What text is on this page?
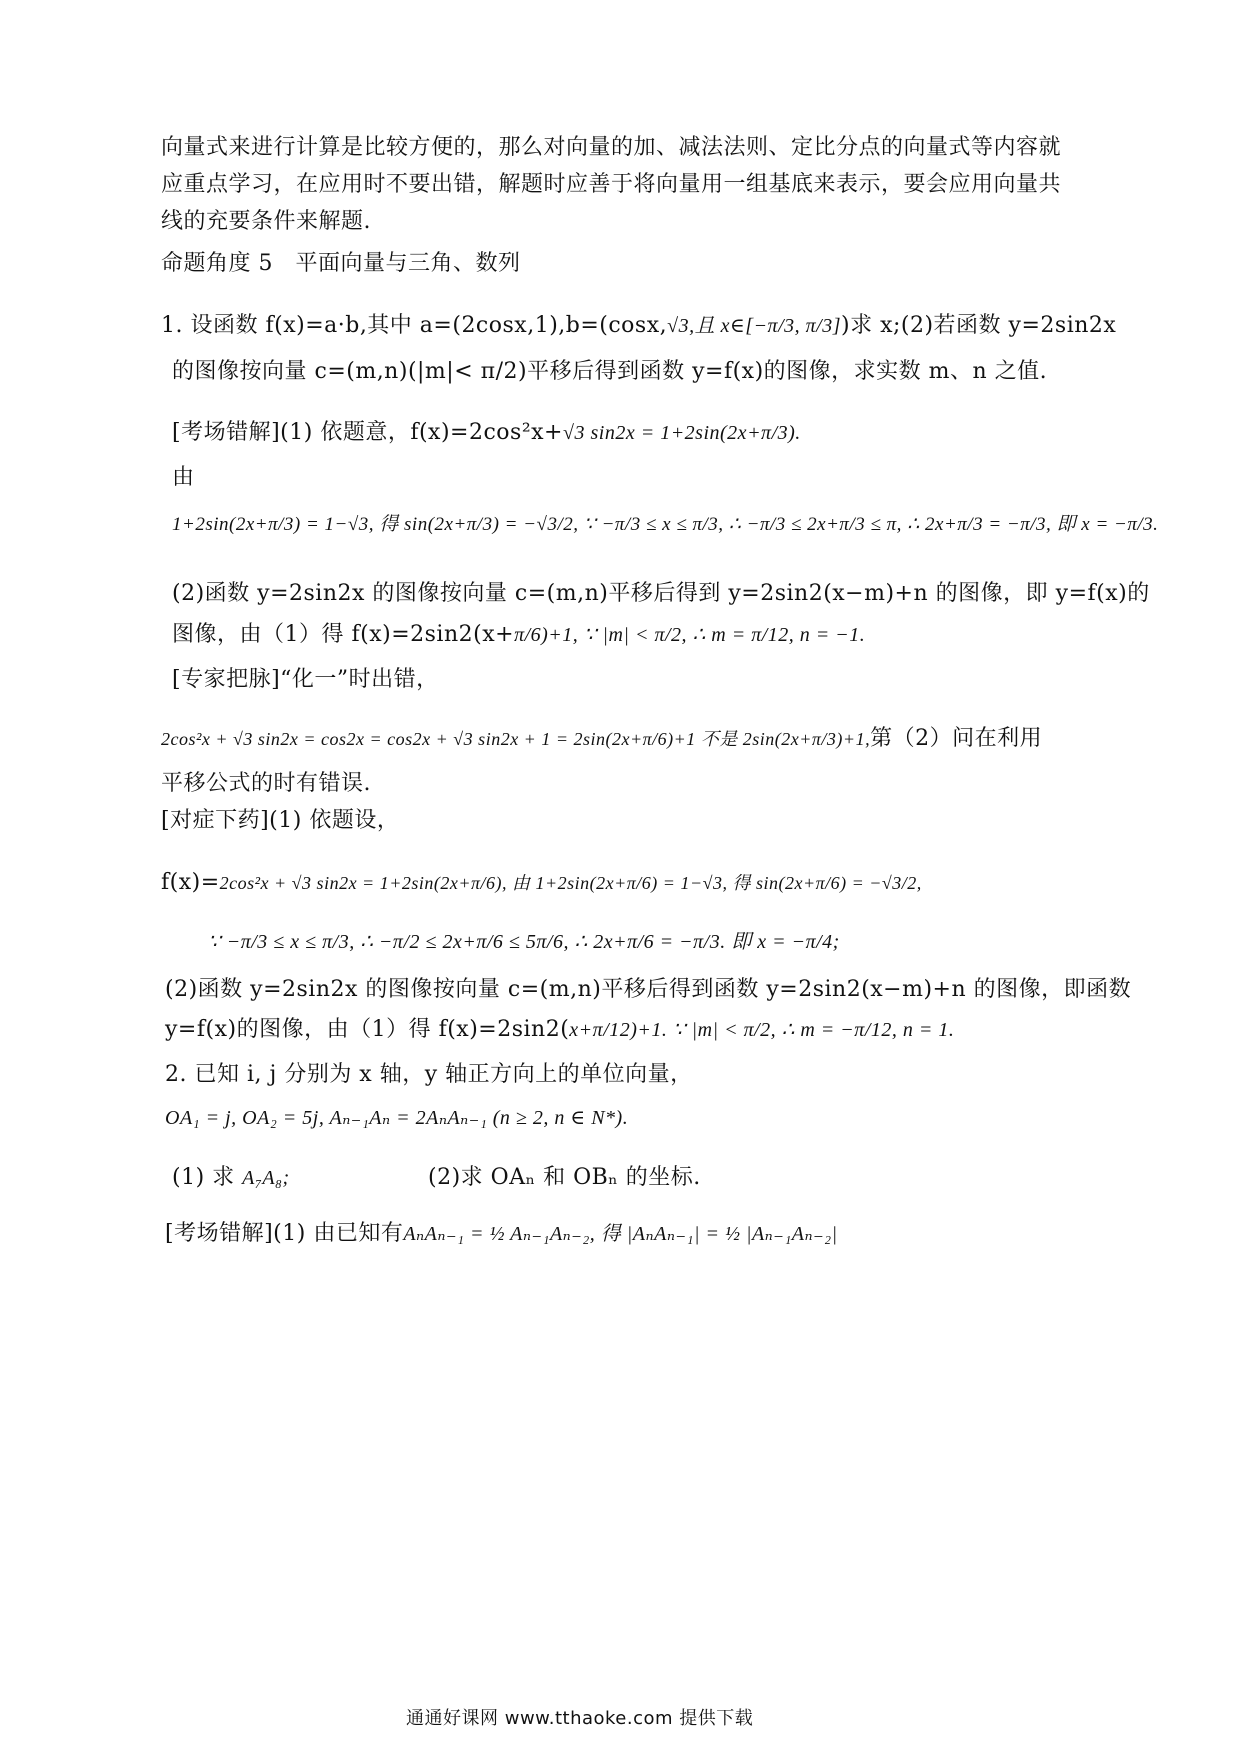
向量式来进行计算是比较方便的，那么对向量的加、减法法则、定比分点的向量式等内容就
应重点学习，在应用时不要出错，解题时应善于将向量用一组基底来表示，要会应用向量共
线的充要条件来解题.
命题角度 5　平面向量与三角、数列
1. 设函数 f(x)=a·b,其中 a=(2cosx,1),b=(cosx,√3,且 x∈[−π/3, π/3])求 x;(2)若函数 y=2sin2x
的图像按向量 c=(m,n)(|m|< π/2)平移后得到函数 y=f(x)的图像，求实数 m、n 之值.
[考场错解](1) 依题意，f(x)=2cos²x+√3 sin2x = 1+2sin(2x+π/3).
由
1+2sin(2x+π/3) = 1−√3, 得 sin(2x+π/3) = −√3/2, ∵ −π/3 ≤ x ≤ π/3, ∴ −π/3 ≤ 2x+π/3 ≤ π, ∴ 2x+π/3 = −π/3, 即 x = −π/3.
(2)函数 y=2sin2x 的图像按向量 c=(m,n)平移后得到 y=2sin2(x−m)+n 的图像，即 y=f(x)的
图像，由（1）得 f(x)=2sin2(x+π/6)+1, ∵ |m| < π/2, ∴ m = π/12, n = −1.
[专家把脉]“化一”时出错，
2cos²x + √3 sin2x = cos2x = cos2x + √3 sin2x + 1 = 2sin(2x+π/6)+1 不是 2sin(2x+π/3)+1,第（2）问在利用
平移公式的时有错误.
[对症下药](1) 依题设，
f(x)=2cos²x + √3 sin2x = 1+2sin(2x+π/6), 由 1+2sin(2x+π/6) = 1−√3, 得 sin(2x+π/6) = −√3/2,
∵ −π/3 ≤ x ≤ π/3, ∴ −π/2 ≤ 2x+π/6 ≤ 5π/6, ∴ 2x+π/6 = −π/3. 即 x = −π/4;
(2)函数 y=2sin2x 的图像按向量 c=(m,n)平移后得到函数 y=2sin2(x−m)+n 的图像，即函数
y=f(x)的图像，由（1）得 f(x)=2sin2(x+π/12)+1. ∵ |m| < π/2, ∴ m = −π/12, n = 1.
2. 已知 i, j 分别为 x 轴，y 轴正方向上的单位向量，
OA₁ = j, OA₂ = 5j, Aₙ₋₁Aₙ = 2AₙAₙ₋₁ (n ≥ 2, n ∈ N*).
(1) 求 A₇A₈;	(2)求 OAₙ 和 OBₙ 的坐标.
[考场错解](1) 由已知有AₙAₙ₋₁ = ½ Aₙ₋₁Aₙ₋₂, 得 |AₙAₙ₋₁| = ½ |Aₙ₋₁Aₙ₋₂|
通通好课网 www.tthaoke.com 提供下载
